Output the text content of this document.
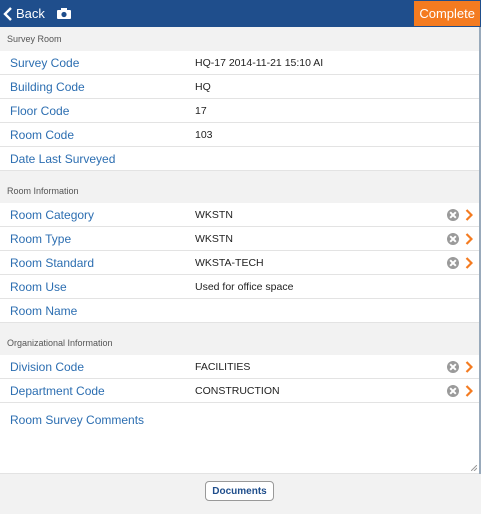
Back	Complete
Survey Room
Survey Code	HQ-17 2014-11-21 15:10 AI
Building Code	HQ
Floor Code	17
Room Code	103
Date Last Surveyed
Room Information
Room Category	WKSTN
Room Type	WKSTN
Room Standard	WKSTA-TECH
Room Use	Used for office space
Room Name
Organizational Information
Division Code	FACILITIES
Department Code	CONSTRUCTION
Room Survey Comments
Documents
